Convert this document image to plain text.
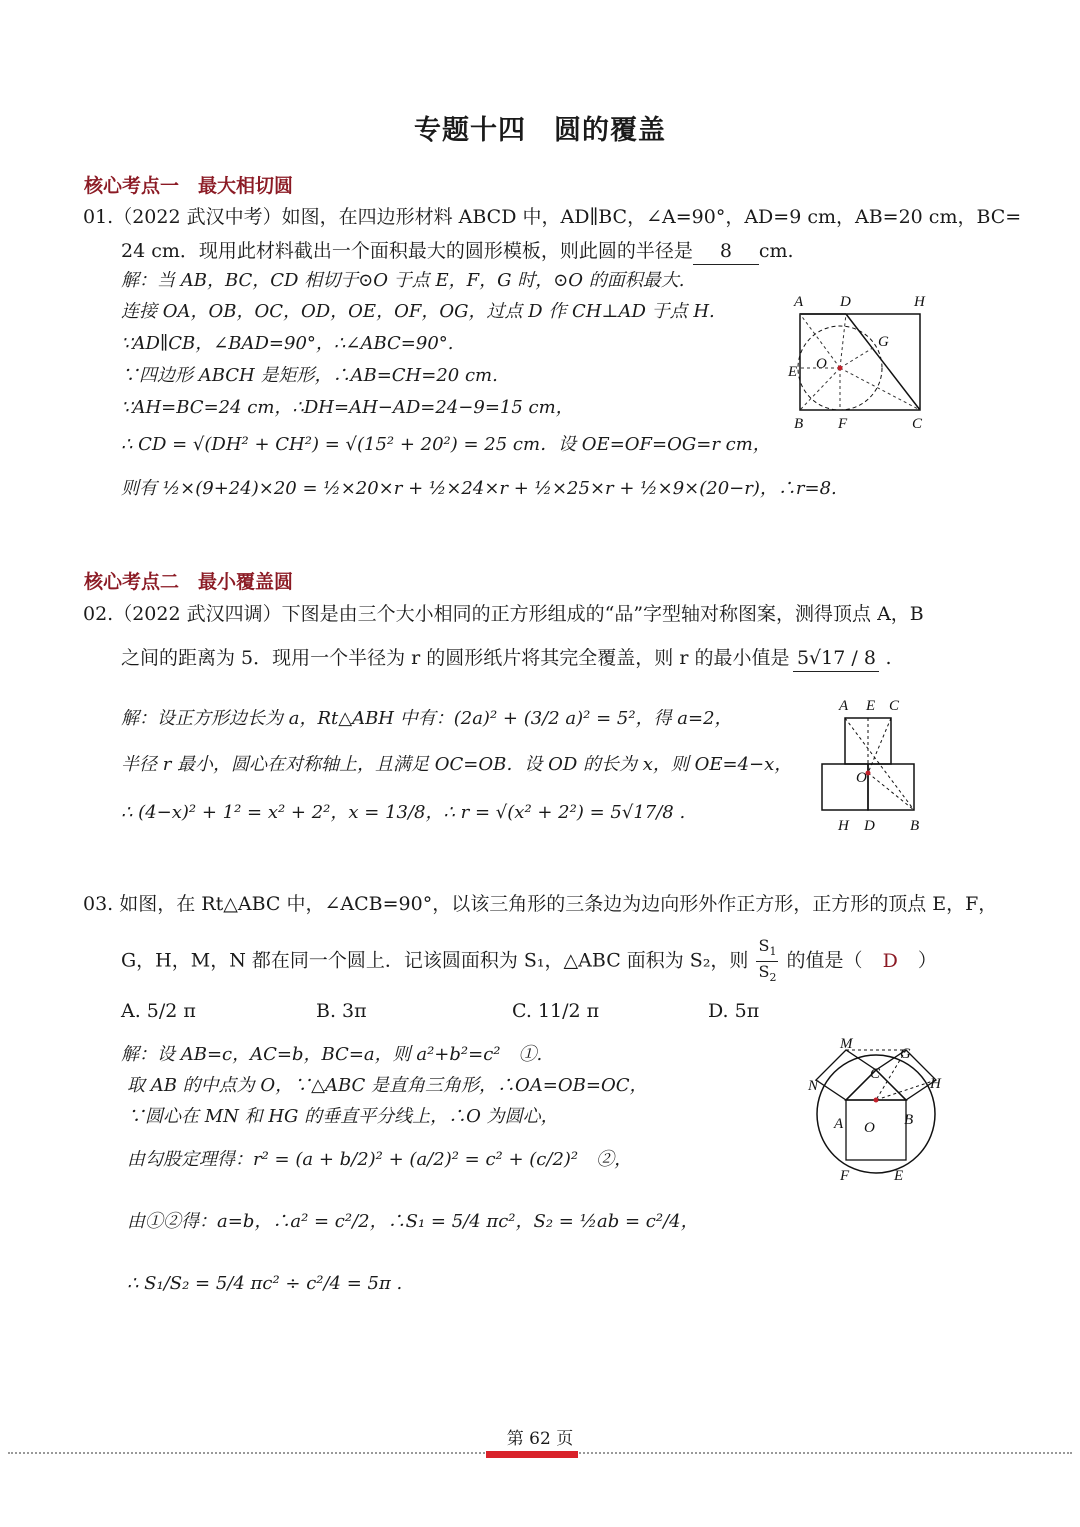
专题十四　圆的覆盖
核心考点一　最大相切圆
01.（2022 武汉中考）如图，在四边形材料 ABCD 中，AD∥BC，∠A=90°，AD=9 cm，AB=20 cm，BC=
24 cm．现用此材料截出一个面积最大的圆形模板，则此圆的半径是 8 cm.
解：当 AB，BC，CD 相切于⊙O 于点 E，F，G 时，⊙O 的面积最大.
连接 OA，OB，OC，OD，OE，OF，OG，过点 D 作 CH⊥AD 于点 H.
∵AD∥CB，∠BAD=90°，∴∠ABC=90°.
∵四边形 ABCH 是矩形，∴AB=CH=20 cm.
∵AH=BC=24 cm，∴DH=AH−AD=24−9=15 cm，
∴ CD = √(DH² + CH²) = √(15² + 20²) = 25 cm．设 OE=OF=OG=r cm，
则有 ½×(9+24)×20 = ½×20×r + ½×24×r + ½×25×r + ½×9×(20−r)，∴r=8.
A D	H
G
O
E
B F	C
核心考点二　最小覆盖圆
02.（2022 武汉四调）下图是由三个大小相同的正方形组成的“品”字型轴对称图案，测得顶点 A，B
之间的距离为 5．现用一个半径为 r 的圆形纸片将其完全覆盖，则 r 的最小值是 5√17 / 8 .
解：设正方形边长为 a，Rt△ABH 中有：(2a)² + (3/2 a)² = 5²，得 a=2，
半径 r 最小，圆心在对称轴上，且满足 OC=OB．设 OD 的长为 x，则 OE=4−x，
∴ (4−x)² + 1² = x² + 2²，x = 13/8，∴ r = √(x² + 2²) = 5√17/8 .
A E C
O
H D B
03. 如图，在 Rt△ABC 中，∠ACB=90°，以该三角形的三条边为边向形外作正方形，正方形的顶点 E，F，
G，H，M，N 都在同一个圆上．记该圆面积为 S₁，△ABC 面积为 S₂，则 $\frac{S_1}{S_2}$ 的值是（ D ）
A. 5/2 π	B. 3π	C. 11/2 π	D. 5π
解：设 AB=c，AC=b，BC=a，则 a²+b²=c²　①.
取 AB 的中点为 O，∵△ABC 是直角三角形，∴OA=OB=OC，
∵圆心在 MN 和 HG 的垂直平分线上，∴O 为圆心，
由勾股定理得：r² = (a + b/2)² + (a/2)² = c² + (c/2)²　②，
由①②得：a=b，∴a² = c²/2，∴S₁ = 5/4 πc²，S₂ = ½ab = c²/4，
∴ S₁/S₂ = 5/4 πc² ÷ c²/4 = 5π .
M
G
C
N	H
A O B
F	E
第 62 页
